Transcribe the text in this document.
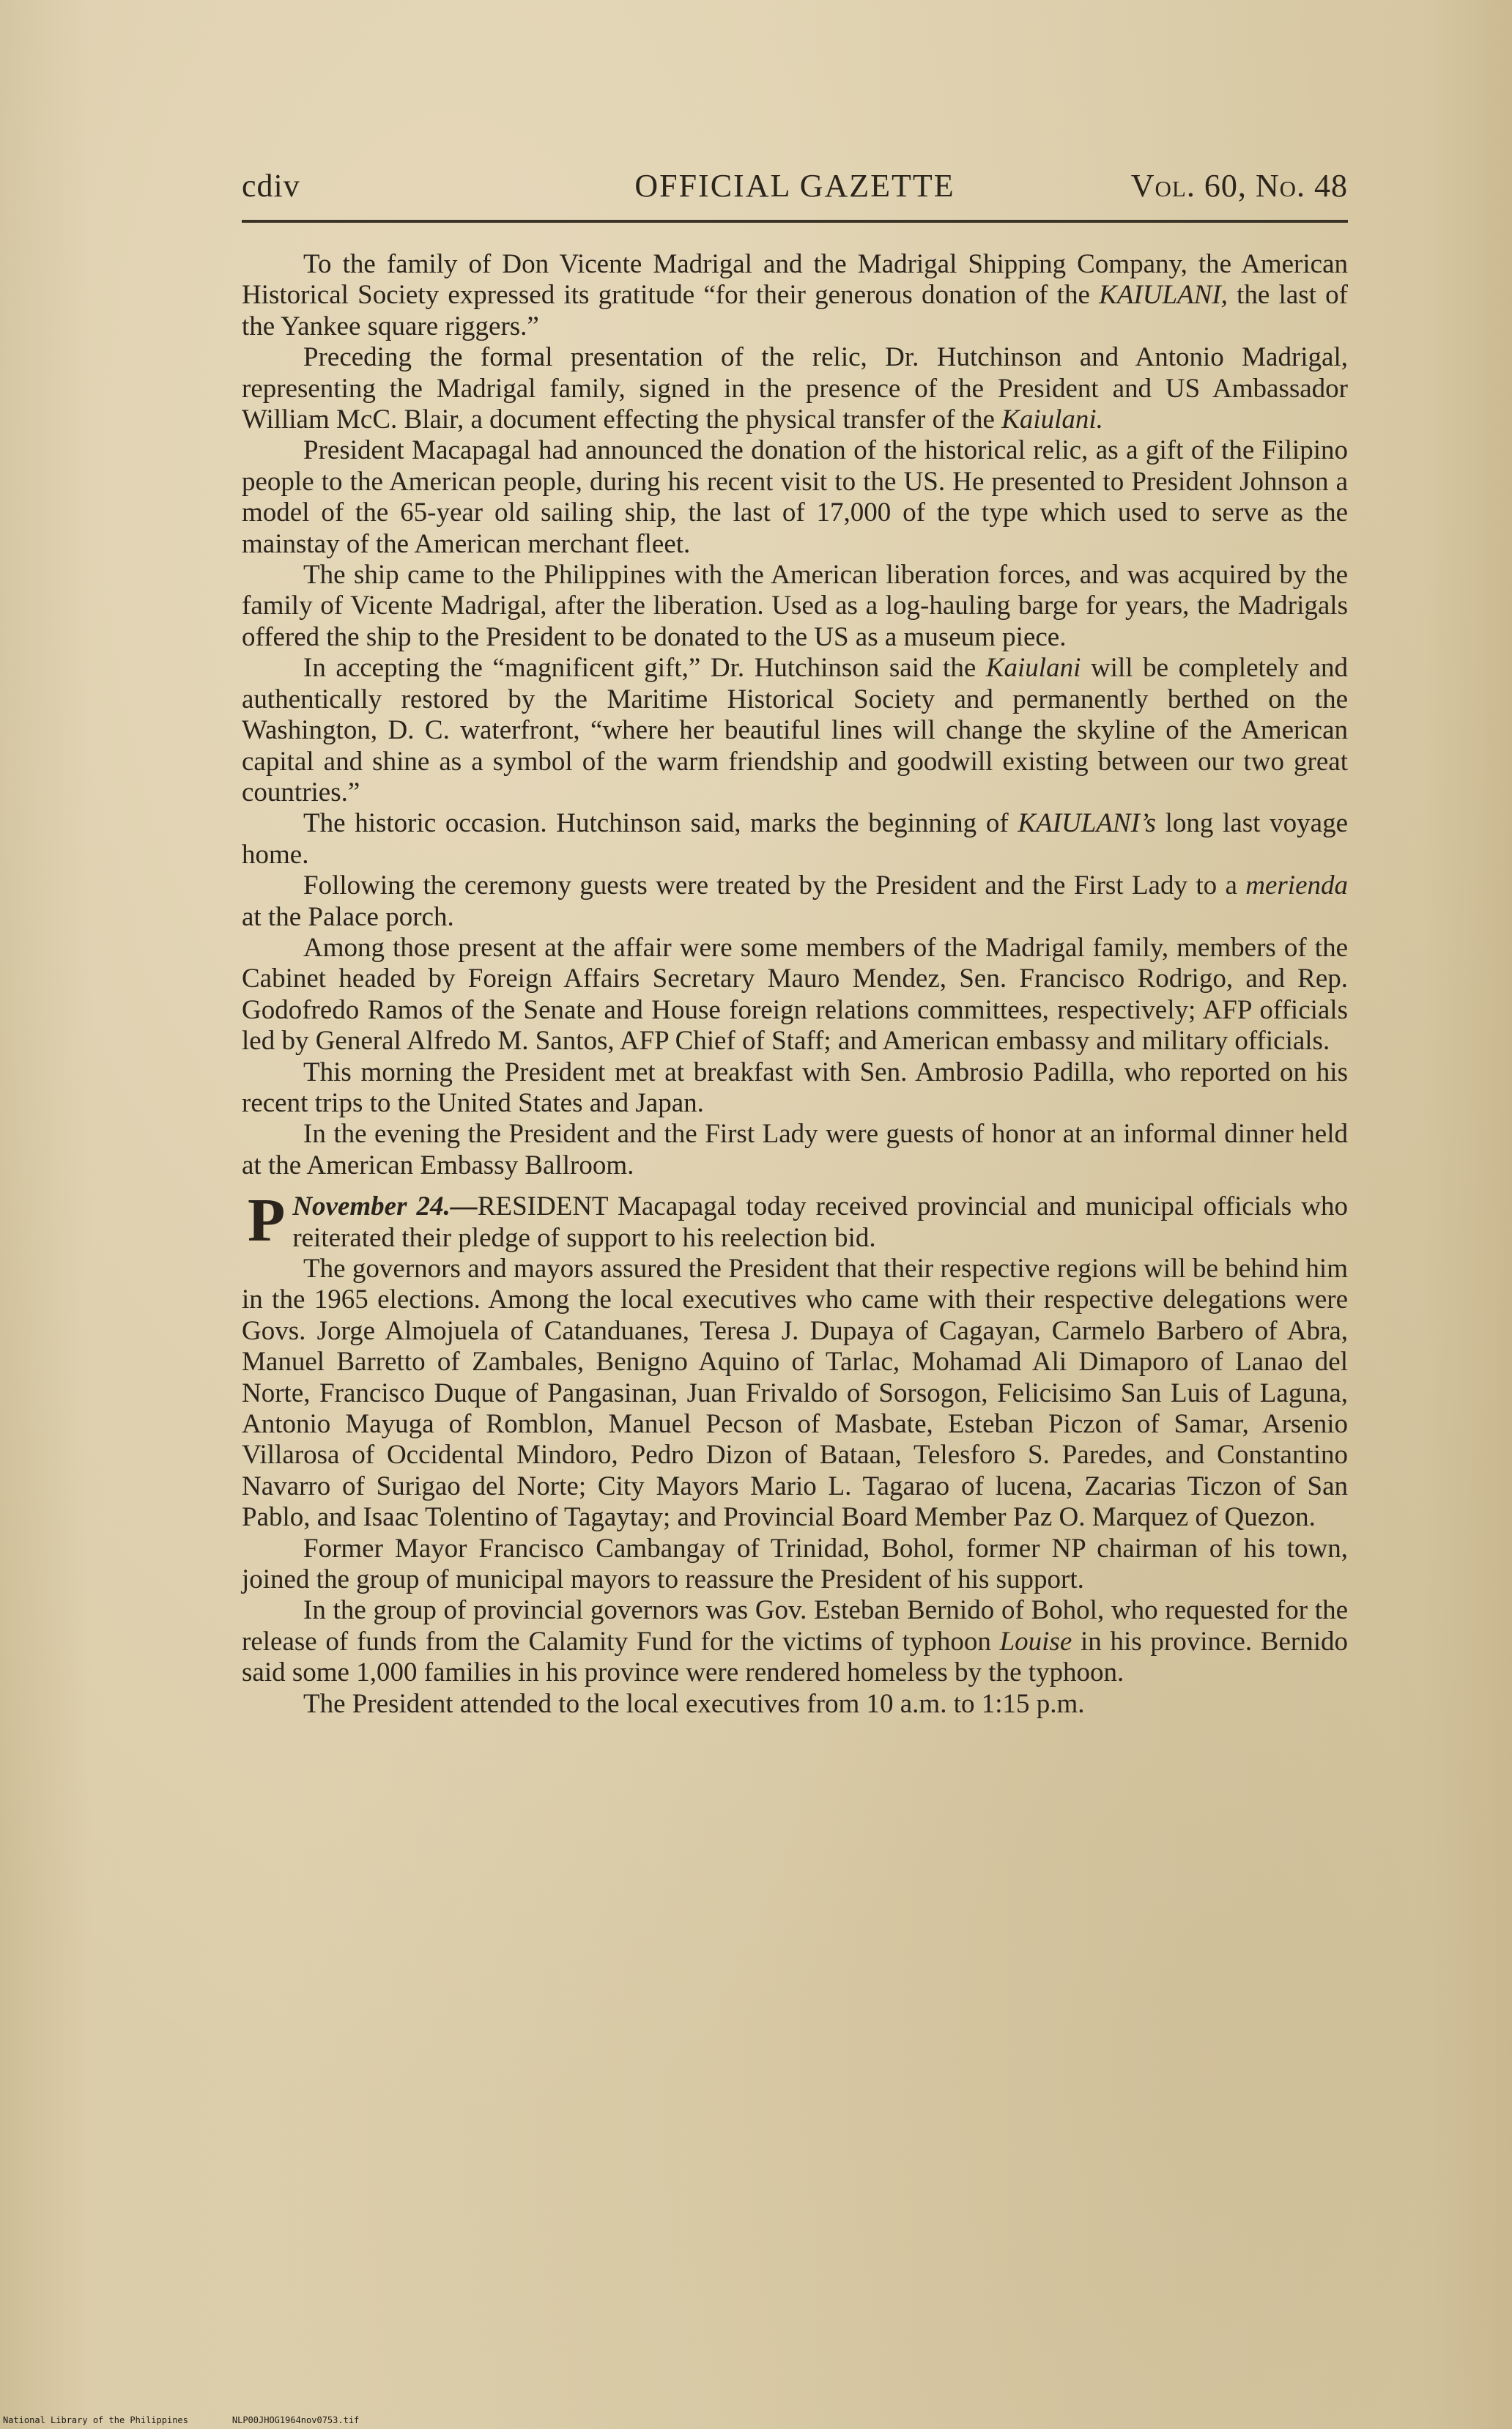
cdiv	OFFICIAL GAZETTE	Vol. 60, No. 48

To the family of Don Vicente Madrigal and the Madrigal Shipping Company, the American Historical Society expressed its gratitude “for their generous donation of the KAIULANI, the last of the Yankee square riggers.”

Preceding the formal presentation of the relic, Dr. Hutchinson and Antonio Madrigal, representing the Madrigal family, signed in the presence of the President and US Ambassador William McC. Blair, a document effecting the physical transfer of the Kaiulani.

President Macapagal had announced the donation of the historical relic, as a gift of the Filipino people to the American people, during his recent visit to the US. He presented to President Johnson a model of the 65-year old sailing ship, the last of 17,000 of the type which used to serve as the mainstay of the American merchant fleet.

The ship came to the Philippines with the American liberation forces, and was acquired by the family of Vicente Madrigal, after the liberation. Used as a log-hauling barge for years, the Madrigals offered the ship to the President to be donated to the US as a museum piece.

In accepting the “magnificent gift,” Dr. Hutchinson said the Kaiulani will be completely and authentically restored by the Maritime Historical Society and permanently berthed on the Washington, D. C. waterfront, “where her beautiful lines will change the skyline of the American capital and shine as a symbol of the warm friendship and goodwill existing between our two great countries.”

The historic occasion. Hutchinson said, marks the beginning of KAIULANI’s long last voyage home.

Following the ceremony guests were treated by the President and the First Lady to a merienda at the Palace porch.

Among those present at the affair were some members of the Madrigal family, members of the Cabinet headed by Foreign Affairs Secretary Mauro Mendez, Sen. Francisco Rodrigo, and Rep. Godofredo Ramos of the Senate and House foreign relations committees, respectively; AFP officials led by General Alfredo M. Santos, AFP Chief of Staff; and American embassy and military officials.

This morning the President met at breakfast with Sen. Ambrosio Padilla, who reported on his recent trips to the United States and Japan.

In the evening the President and the First Lady were guests of honor at an informal dinner held at the American Embassy Ballroom.

November 24.—
P	RESIDENT Macapagal today received provincial and municipal officials who reiterated their pledge of support to his reelection bid.

The governors and mayors assured the President that their respective regions will be behind him in the 1965 elections. Among the local executives who came with their respective delegations were Govs. Jorge Almojuela of Catanduanes, Teresa J. Dupaya of Cagayan, Carmelo Barbero of Abra, Manuel Barretto of Zambales, Benigno Aquino of Tarlac, Mohamad Ali Dimaporo of Lanao del Norte, Francisco Duque of Pangasinan, Juan Frivaldo of Sorsogon, Felicisimo San Luis of Laguna, Antonio Mayuga of Romblon, Manuel Pecson of Masbate, Esteban Piczon of Samar, Arsenio Villarosa of Occidental Mindoro, Pedro Dizon of Bataan, Telesforo S. Paredes, and Constantino Navarro of Surigao del Norte; City Mayors Mario L. Tagarao of lucena, Zacarias Ticzon of San Pablo, and Isaac Tolentino of Tagaytay; and Provincial Board Member Paz O. Marquez of Quezon.

Former Mayor Francisco Cambangay of Trinidad, Bohol, former NP chairman of his town, joined the group of municipal mayors to reassure the President of his support.

In the group of provincial governors was Gov. Esteban Bernido of Bohol, who requested for the release of funds from the Calamity Fund for the victims of typhoon Louise in his province. Bernido said some 1,000 families in his province were rendered homeless by the typhoon.

The President attended to the local executives from 10 a.m. to 1:15 p.m.

National Library of the Philippines	NLP00JHOG1964nov0753.tif
